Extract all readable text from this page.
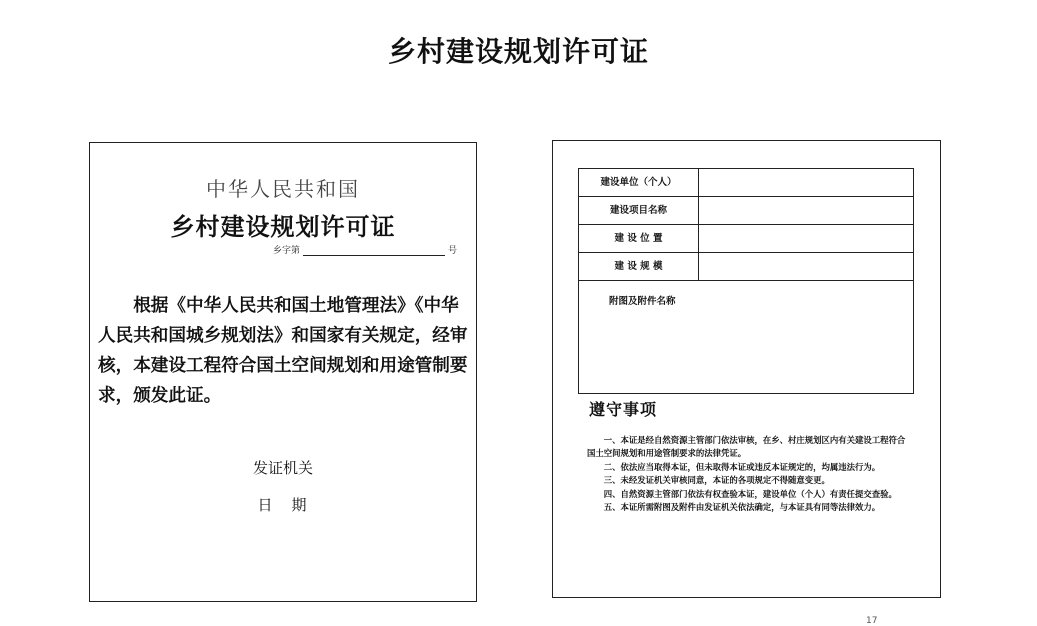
乡村建设规划许可证
中华人民共和国
乡村建设规划许可证
乡字第	号

根据《中华人民共和国土地管理法》《中华人民共和国城乡规划法》和国家有关规定，经审核，本建设工程符合国土空间规划和用途管制要求，颁发此证。

发证机关
日　期
建设单位（个人）
建设项目名称
建 设 位 置
建 设 规 模
附图及附件名称
遵守事项

一、本证是经自然资源主管部门依法审核，在乡、村庄规划区内有关建设工程符合国土空间规划和用途管制要求的法律凭证。

二、依法应当取得本证，但未取得本证或违反本证规定的，均属违法行为。

三、未经发证机关审核同意，本证的各项规定不得随意变更。

四、自然资源主管部门依法有权查验本证，建设单位（个人）有责任提交查验。

五、本证所需附图及附件由发证机关依法确定，与本证具有同等法律效力。

17
